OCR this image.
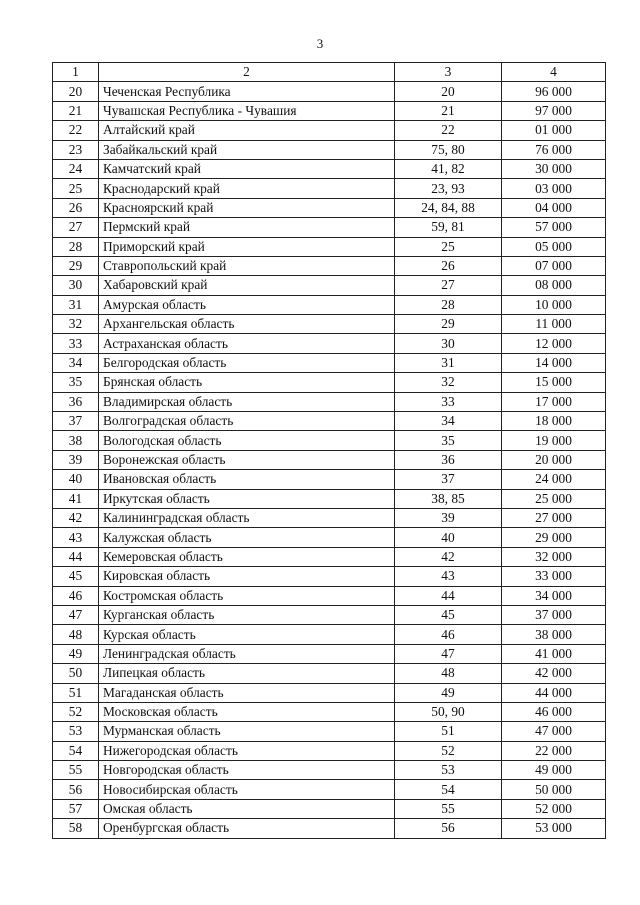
3
1	2	3	4
20	Чеченская Республика	20	96 000
21	Чувашская Республика - Чувашия	21	97 000
22	Алтайский край	22	01 000
23	Забайкальский край	75, 80	76 000
24	Камчатский край	41, 82	30 000
25	Краснодарский край	23, 93	03 000
26	Красноярский край	24, 84, 88	04 000
27	Пермский край	59, 81	57 000
28	Приморский край	25	05 000
29	Ставропольский край	26	07 000
30	Хабаровский край	27	08 000
31	Амурская область	28	10 000
32	Архангельская область	29	11 000
33	Астраханская область	30	12 000
34	Белгородская область	31	14 000
35	Брянская область	32	15 000
36	Владимирская область	33	17 000
37	Волгоградская область	34	18 000
38	Вологодская область	35	19 000
39	Воронежская область	36	20 000
40	Ивановская область	37	24 000
41	Иркутская область	38, 85	25 000
42	Калининградская область	39	27 000
43	Калужская область	40	29 000
44	Кемеровская область	42	32 000
45	Кировская область	43	33 000
46	Костромская область	44	34 000
47	Курганская область	45	37 000
48	Курская область	46	38 000
49	Ленинградская область	47	41 000
50	Липецкая область	48	42 000
51	Магаданская область	49	44 000
52	Московская область	50, 90	46 000
53	Мурманская область	51	47 000
54	Нижегородская область	52	22 000
55	Новгородская область	53	49 000
56	Новосибирская область	54	50 000
57	Омская область	55	52 000
58	Оренбургская область	56	53 000
